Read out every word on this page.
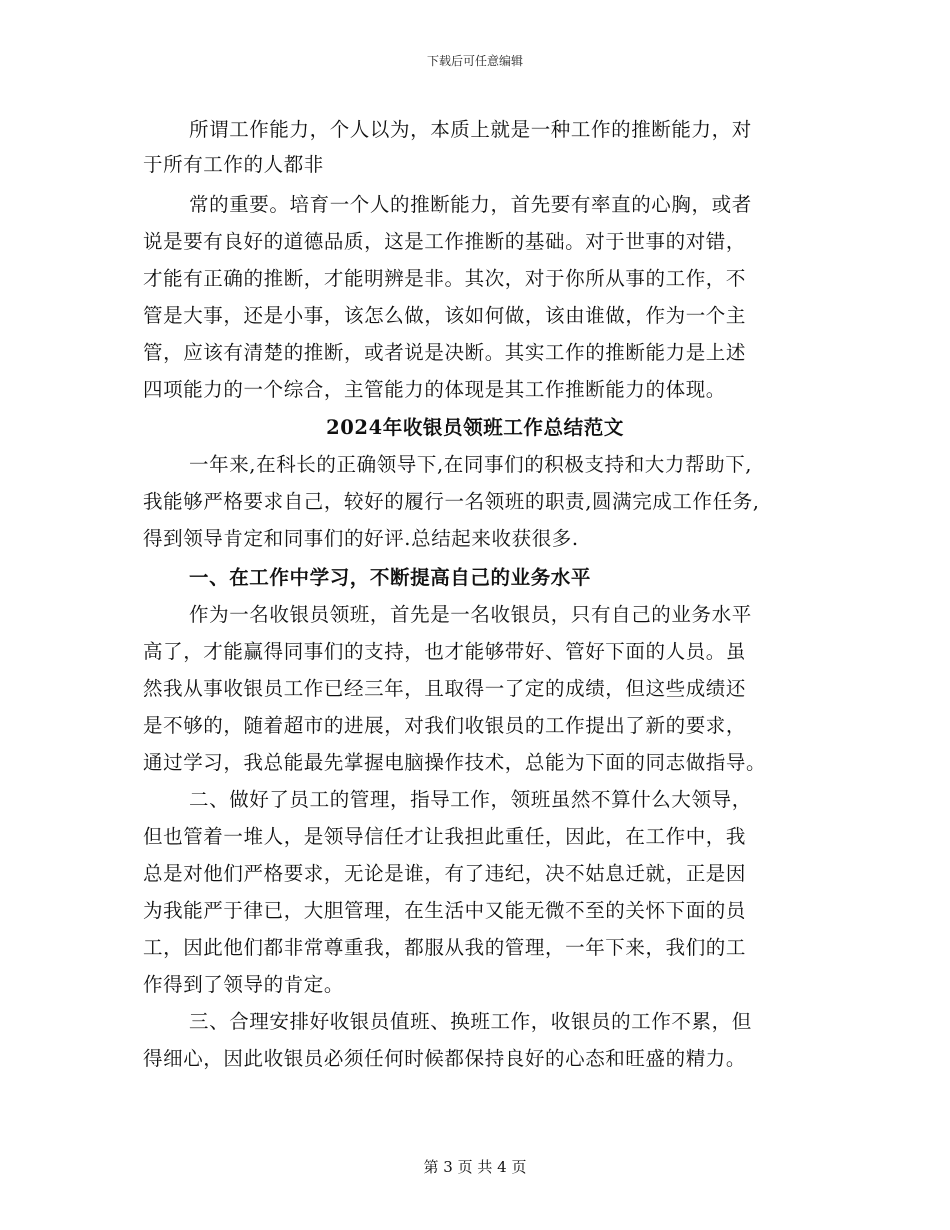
下载后可任意编辑
所谓工作能力，个人以为，本质上就是一种工作的推断能力，对
于所有工作的人都非
常的重要。培育一个人的推断能力，首先要有率直的心胸，或者
说是要有良好的道德品质，这是工作推断的基础。对于世事的对错，
才能有正确的推断，才能明辨是非。其次，对于你所从事的工作，不
管是大事，还是小事，该怎么做，该如何做，该由谁做，作为一个主
管，应该有清楚的推断，或者说是决断。其实工作的推断能力是上述
四项能力的一个综合，主管能力的体现是其工作推断能力的体现。
2024年收银员领班工作总结范文
一年来,在科长的正确领导下,在同事们的积极支持和大力帮助下,
我能够严格要求自己，较好的履行一名领班的职责,圆满完成工作任务,
得到领导肯定和同事们的好评.总结起来收获很多.
一、在工作中学习，不断提高自己的业务水平
作为一名收银员领班，首先是一名收银员，只有自己的业务水平
高了，才能赢得同事们的支持，也才能够带好、管好下面的人员。虽
然我从事收银员工作已经三年，且取得一了定的成绩，但这些成绩还
是不够的，随着超市的进展，对我们收银员的工作提出了新的要求，
通过学习，我总能最先掌握电脑操作技术，总能为下面的同志做指导。
二、做好了员工的管理，指导工作，领班虽然不算什么大领导，
但也管着一堆人，是领导信任才让我担此重任，因此，在工作中，我
总是对他们严格要求，无论是谁，有了违纪，决不姑息迁就，正是因
为我能严于律已，大胆管理，在生活中又能无微不至的关怀下面的员
工，因此他们都非常尊重我，都服从我的管理，一年下来，我们的工
作得到了领导的肯定。
三、合理安排好收银员值班、换班工作，收银员的工作不累，但
得细心，因此收银员必须任何时候都保持良好的心态和旺盛的精力。
第 3 页 共 4 页
